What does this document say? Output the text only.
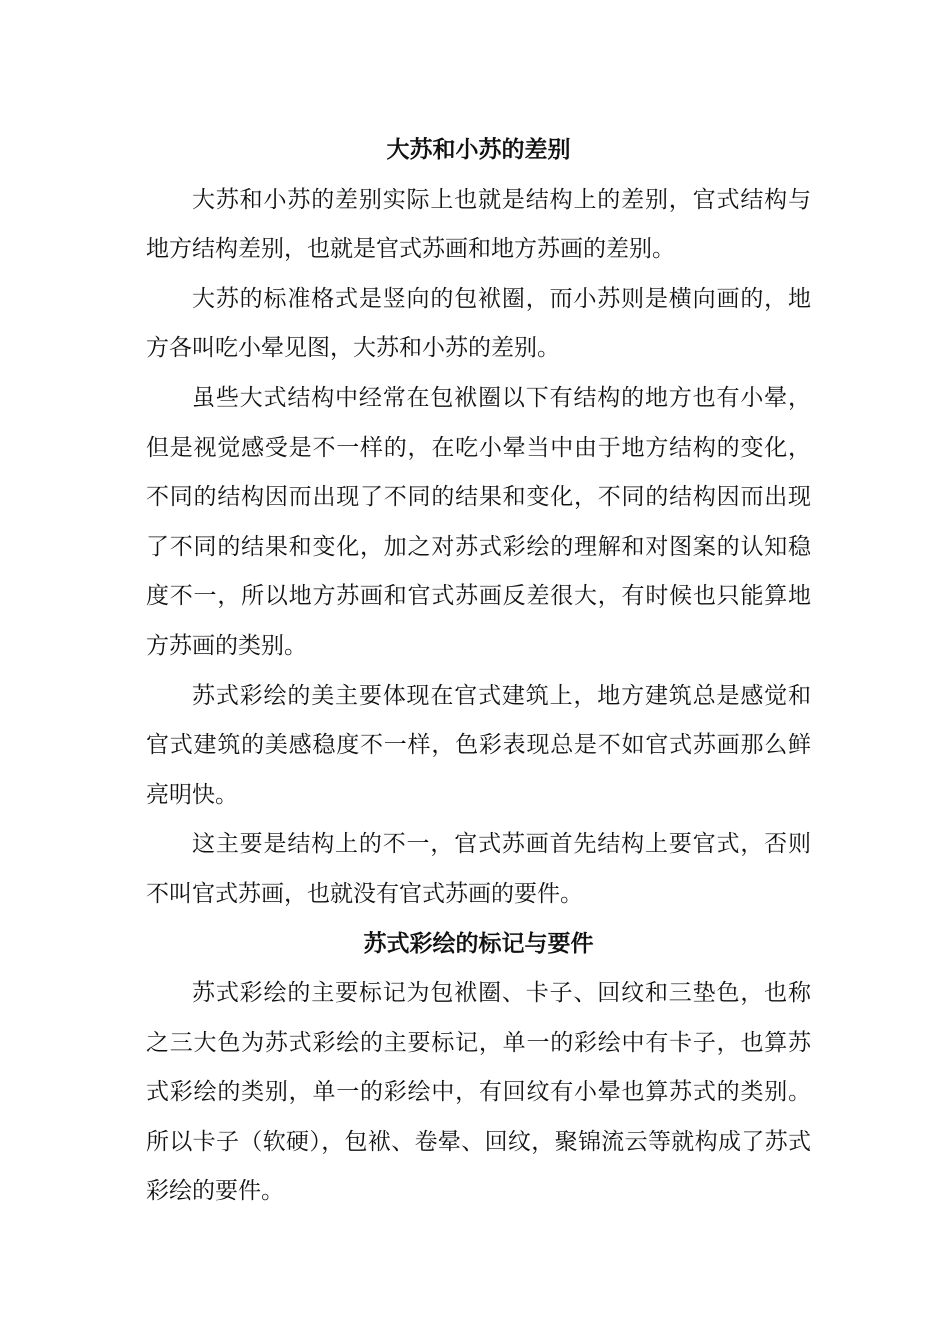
大苏和小苏的差别

大苏和小苏的差别实际上也就是结构上的差别，官式结构与地方结构差别，也就是官式苏画和地方苏画的差别。

大苏的标准格式是竖向的包袱圈，而小苏则是横向画的，地方各叫吃小晕见图，大苏和小苏的差别。

虽些大式结构中经常在包袱圈以下有结构的地方也有小晕，但是视觉感受是不一样的，在吃小晕当中由于地方结构的变化，不同的结构因而出现了不同的结果和变化，不同的结构因而出现了不同的结果和变化，加之对苏式彩绘的理解和对图案的认知稳度不一，所以地方苏画和官式苏画反差很大，有时候也只能算地方苏画的类别。

苏式彩绘的美主要体现在官式建筑上，地方建筑总是感觉和官式建筑的美感稳度不一样，色彩表现总是不如官式苏画那么鲜亮明快。

这主要是结构上的不一，官式苏画首先结构上要官式，否则不叫官式苏画，也就没有官式苏画的要件。

苏式彩绘的标记与要件

苏式彩绘的主要标记为包袱圈、卡子、回纹和三垫色，也称之三大色为苏式彩绘的主要标记，单一的彩绘中有卡子，也算苏式彩绘的类别，单一的彩绘中，有回纹有小晕也算苏式的类别。所以卡子（软硬），包袱、卷晕、回纹，聚锦流云等就构成了苏式彩绘的要件。
